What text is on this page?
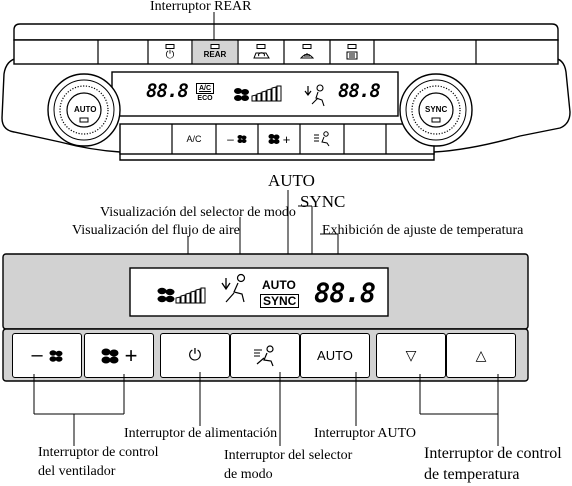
Interruptor REAR
⏻	REAR
88.8	A/C
ECO	88.8
AUTO	SYNC
A/C	–	+
AUTO
SYNC
Visualización del selector de modo
Visualización del flujo de aire	Exhibición de ajuste de temperatura
AUTO
SYNC 88.8
–	+	⏻	AUTO	▽	△
Interruptor de control
del ventilador
Interruptor de alimentación
Interruptor del selector
de modo
Interruptor AUTO
Interruptor de control
de temperatura
